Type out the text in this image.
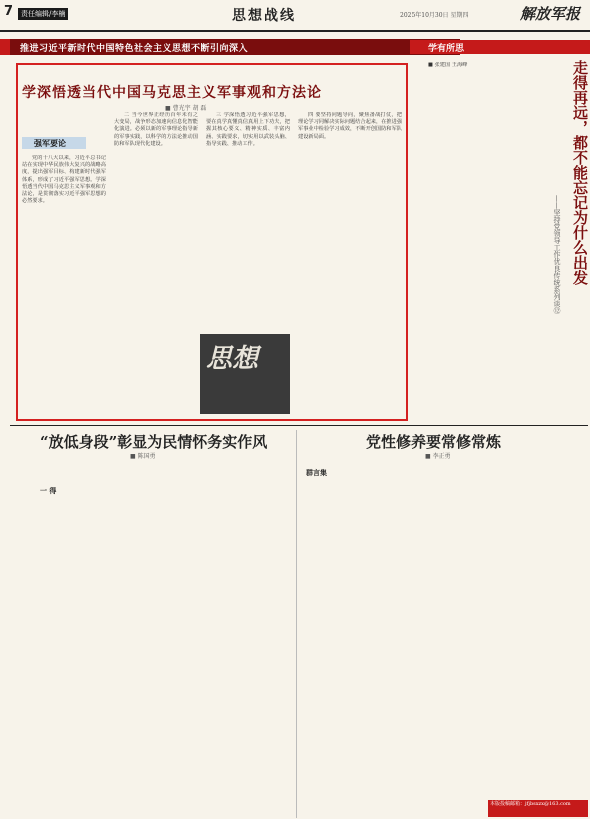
7	责任编辑/李楠	思想战线	2025年10月30日 星期四	解放军报
推进习近平新时代中国特色社会主义思想不断引向深入	学有所思
学深悟透当代中国马克思主义军事观和方法论
■ 曹光宇 胡 磊
强军要论

党的十八大以来，习近平总书记站在实现中华民族伟大复兴的战略高度，提出强军目标、构建新时代强军体系，形成了习近平强军思想。学深悟透当代中国马克思主义军事观和方法论，是贯彻落实习近平强军思想的必然要求。

二 当今世界正经历百年未有之大变局，战争形态加速向信息化智能化演进。必须以新的军事理论指导新的军事实践，以科学的方法论推动国防和军队现代化建设。

三 学深悟透习近平强军思想，要在真学真懂真信真用上下功夫，把握其核心要义、精神实质、丰富内涵、实践要求，切实用以武装头脑、指导实践、推动工作。

四 要坚持问题导向，聚焦备战打仗，把理论学习同解决实际问题结合起来，在推进强军事业中检验学习成效，不断开创国防和军队建设新局面。

思想
走得再远，都不能忘记为什么出发
——坚持党领导工作优良传统系列谈⑫

■ 张建国 王海峰

“放低身段”彰显为民情怀务实作风
■ 陈国勇
一 得
党性修养要常修常炼
■ 李正勇
群言集
本版投稿邮箱：jfjbsxzx@163.com
